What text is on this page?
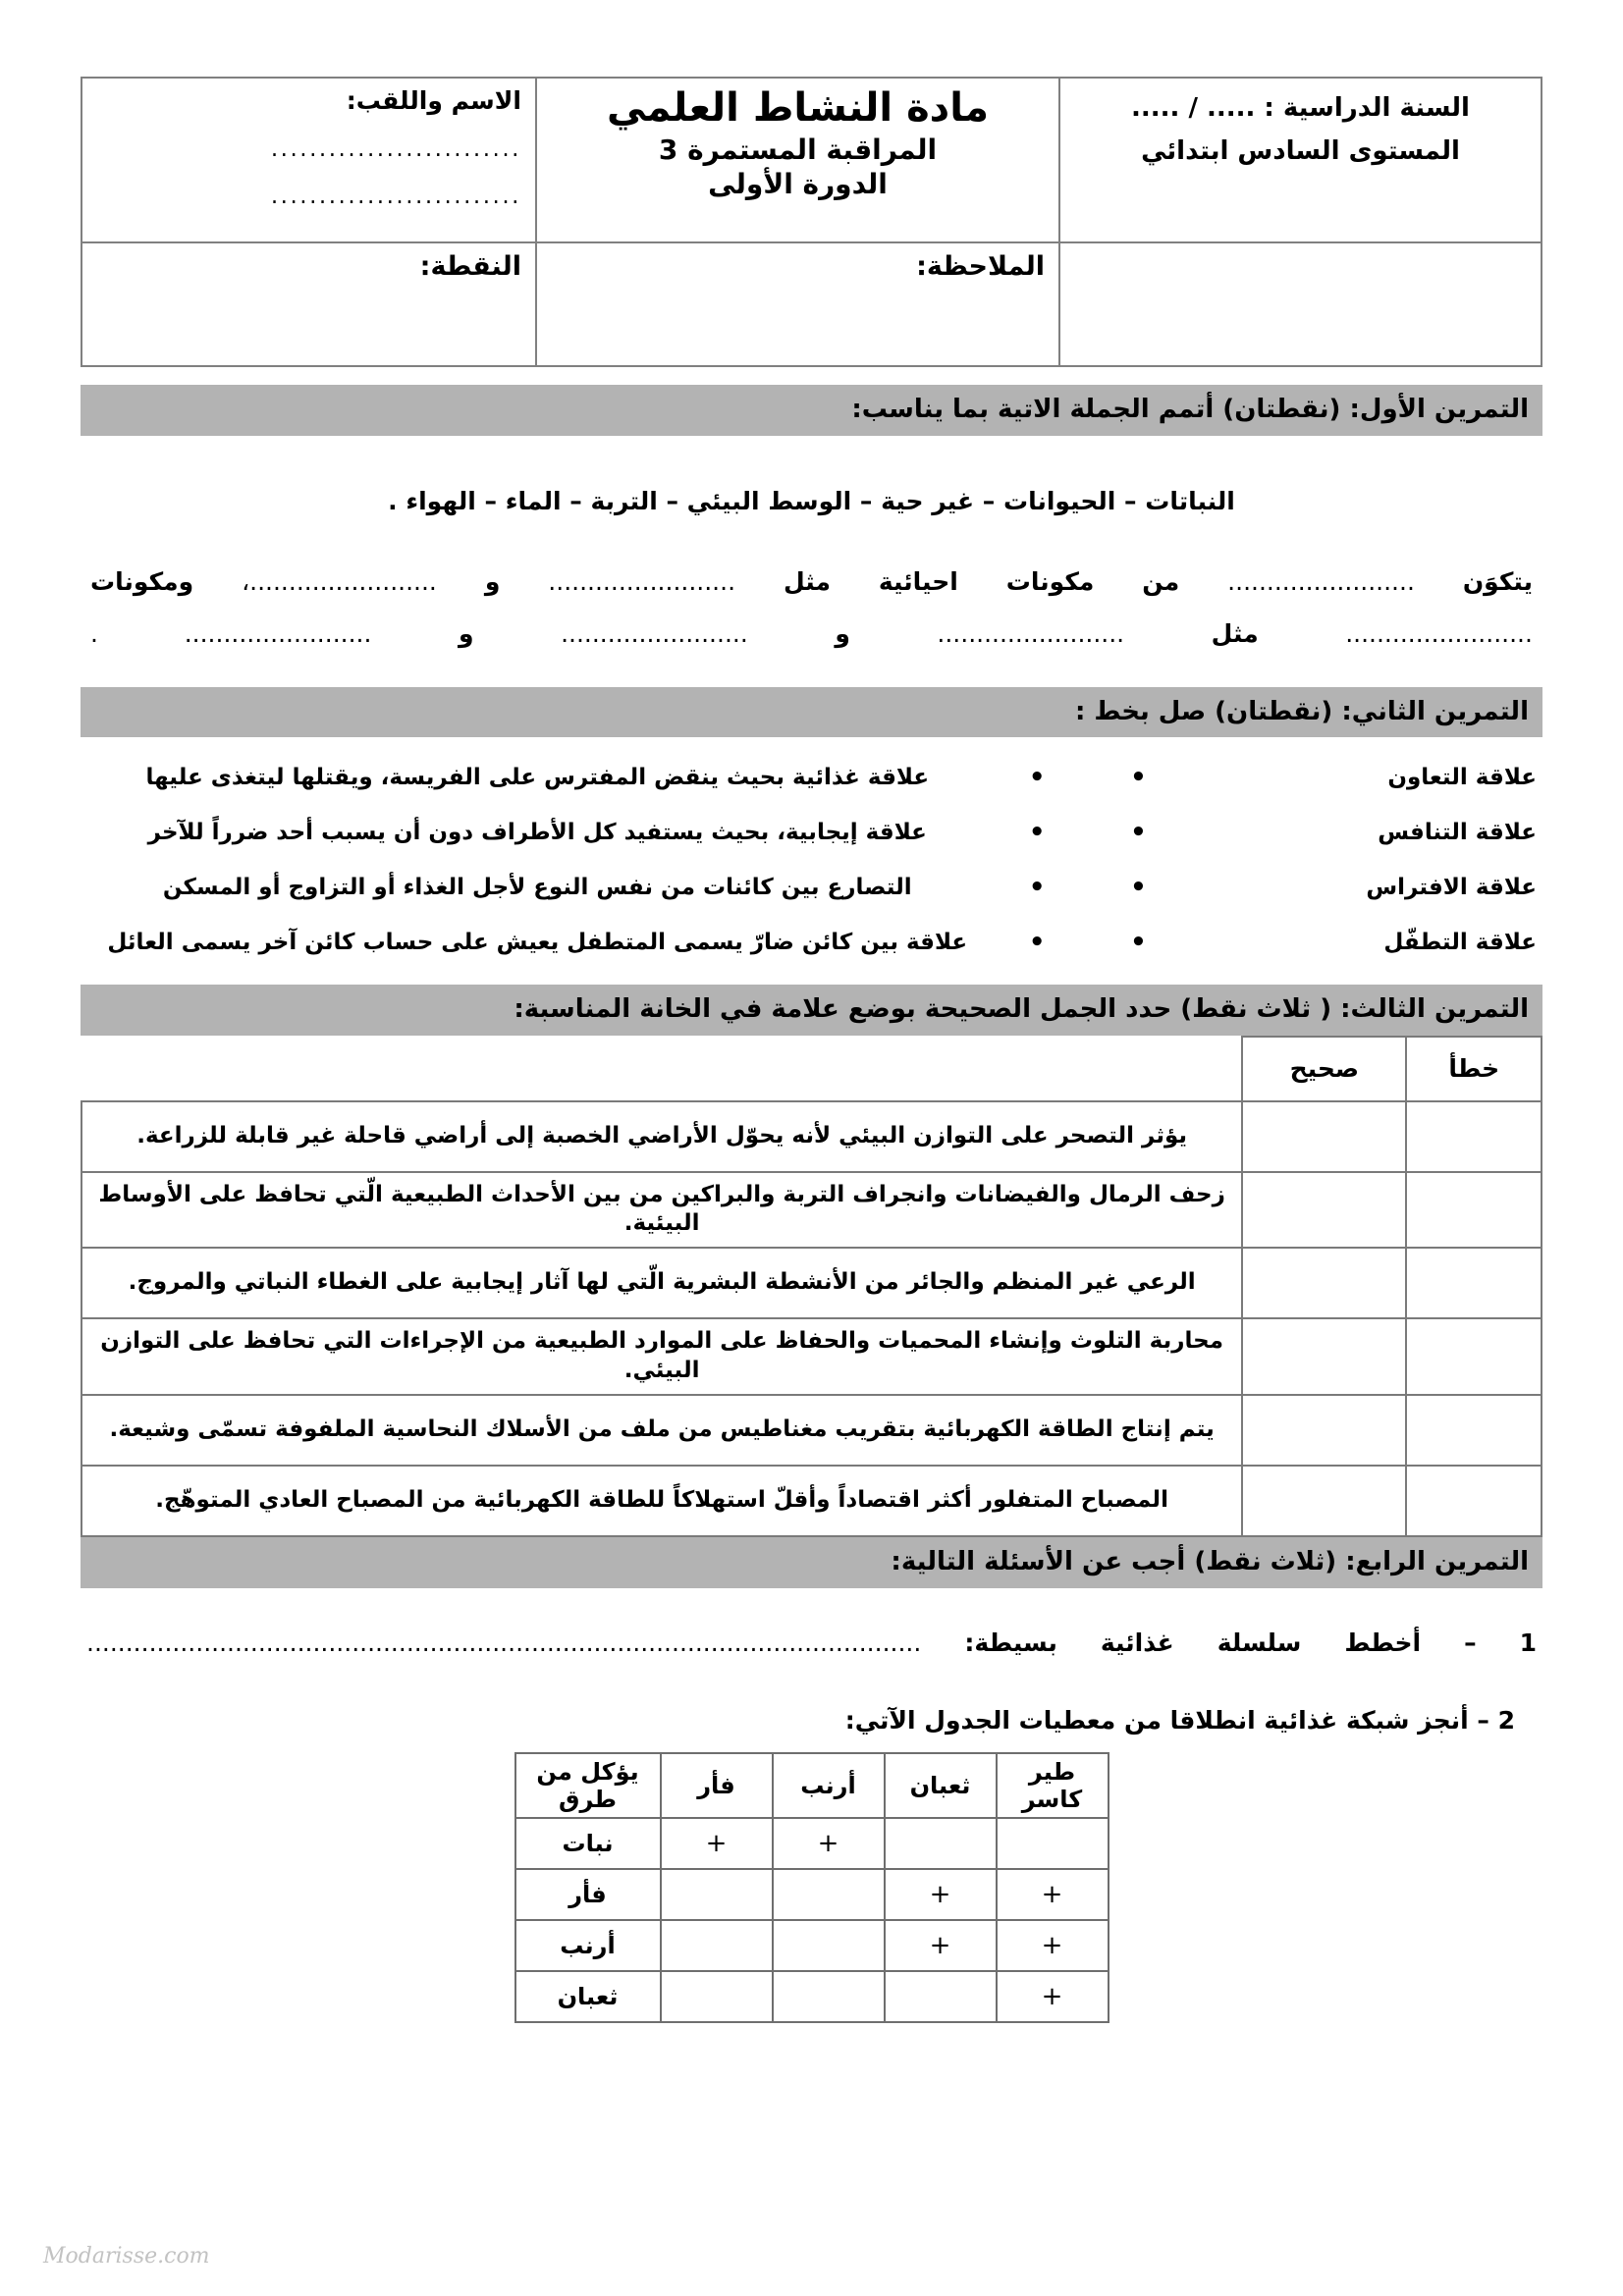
السنة الدراسية : ..... / .....
المستوى السادس ابتدائي

مادة النشاط العلمي
المراقبة المستمرة 3
الدورة الأولى

الاسم واللقب:
..........................
..........................

	الملاحظة:	النقطة:
التمرين الأول: (نقطتان) أتمم الجملة الاتية بما يناسب:
النباتات – الحيوانات – غير حية – الوسط البيئي – التربة – الماء – الهواء .
يتكوَن ........................ من مكونات احيائية مثل ........................ و ........................، ومكونات
........................ مثل ........................ و ........................ و ........................ .
التمرين الثاني: (نقطتان) صل بخط :
علاقة التعاون
•
•
علاقة غذائية بحيث ينقض المفترس على الفريسة، ويقتلها ليتغذى عليها
علاقة التنافس
•
•
علاقة إيجابية، بحيث يستفيد كل الأطراف دون أن يسبب أحد ضرراً للآخر
علاقة الافتراس
•
•
التصارع بين كائنات من نفس النوع لأجل الغذاء أو التزاوج أو المسكن
علاقة التطفّل
•
•
علاقة بين كائن ضارّ يسمى المتطفل يعيش على حساب كائن آخر يسمى العائل
التمرين الثالث: ( ثلاث نقط) حدد الجمل الصحيحة بوضع علامة في الخانة المناسبة:
خطأ	صحيح	
		يؤثر التصحر على التوازن البيئي لأنه يحوّل الأراضي الخصبة إلى أراضي قاحلة غير قابلة للزراعة.
		زحف الرمال والفيضانات وانجراف التربة والبراكين من بين الأحداث الطبيعية الّتي تحافظ على الأوساط البيئية.
		الرعي غير المنظم والجائر من الأنشطة البشرية الّتي لها آثار إيجابية على الغطاء النباتي والمروج.
		محاربة التلوث وإنشاء المحميات والحفاظ على الموارد الطبيعية من الإجراءات التي تحافظ على التوازن البيئي.
		يتم إنتاج الطاقة الكهربائية بتقريب مغناطيس من ملف من الأسلاك النحاسية الملفوفة تسمّى وشيعة.
		المصباح المتفلور أكثر اقتصاداً وأقلّ استهلاكاً للطاقة الكهربائية من المصباح العادي المتوهّج.
التمرين الرابع: (ثلاث نقط) أجب عن الأسئلة التالية:
1 – أخطط سلسلة غذائية بسيطة: ...........................................................................................................
2 – أنجز شبكة غذائية انطلاقا من معطيات الجدول الآتي:
طير كاسر	ثعبان	أرنب	فأر	يؤكل من طرق
		+	+	نبات
+	+			فأر
+	+			أرنب
+				ثعبان
Modarisse.com
